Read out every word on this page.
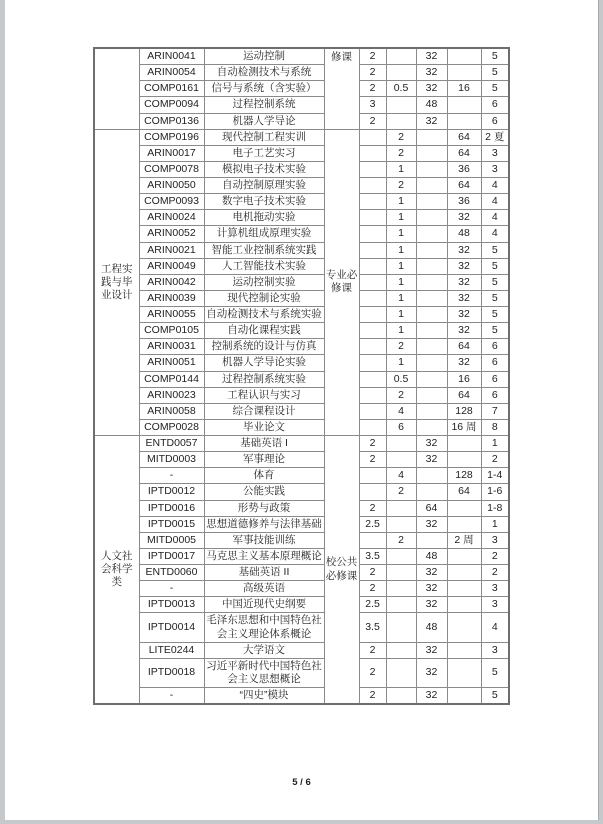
	ARIN0041	运动控制	修课	2		32		5
	ARIN0054	自动检测技术与系统		2		32		5
	COMP0161	信号与系统（含实验）		2	0.5	32	16	5
	COMP0094	过程控制系统		3		48		6
	COMP0136	机器人学导论		2		32		6
工程实践与毕业设计	COMP0196	现代控制工程实训	专业必修课		2		64	2 夏
	ARIN0017	电子工艺实习			2		64	3
	COMP0078	模拟电子技术实验			1		36	3
	ARIN0050	自动控制原理实验			2		64	4
	COMP0093	数字电子技术实验			1		36	4
	ARIN0024	电机拖动实验			1		32	4
	ARIN0052	计算机组成原理实验			1		48	4
	ARIN0021	智能工业控制系统实践			1		32	5
	ARIN0049	人工智能技术实验			1		32	5
	ARIN0042	运动控制实验			1		32	5
	ARIN0039	现代控制论实验			1		32	5
	ARIN0055	自动检测技术与系统实验			1		32	5
	COMP0105	自动化课程实践			1		32	5
	ARIN0031	控制系统的设计与仿真			2		64	6
	ARIN0051	机器人学导论实验			1		32	6
	COMP0144	过程控制系统实验			0.5		16	6
	ARIN0023	工程认识与实习			2		64	6
	ARIN0058	综合课程设计			4		128	7
	COMP0028	毕业论文			6		16 周	8
人文社会科学类	ENTD0057	基础英语 I	校公共必修课	2		32		1
	MITD0003	军事理论		2		32		2
	-	体育			4		128	1-4
	IPTD0012	公能实践			2		64	1-6
	IPTD0016	形势与政策		2		64		1-8
	IPTD0015	思想道德修养与法律基础		2.5		32		1
	MITD0005	军事技能训练			2		2 周	3
	IPTD0017	马克思主义基本原理概论		3.5		48		2
	ENTD0060	基础英语 II		2		32		2
	-	高级英语		2		32		3
	IPTD0013	中国近现代史纲要		2.5		32		3
	IPTD0014	毛泽东思想和中国特色社会主义理论体系概论		3.5		48		4
	LITE0244	大学语文		2		32		3
	IPTD0018	习近平新时代中国特色社会主义思想概论		2		32		5
	-	“四史”模块		2		32		5
5 / 6
